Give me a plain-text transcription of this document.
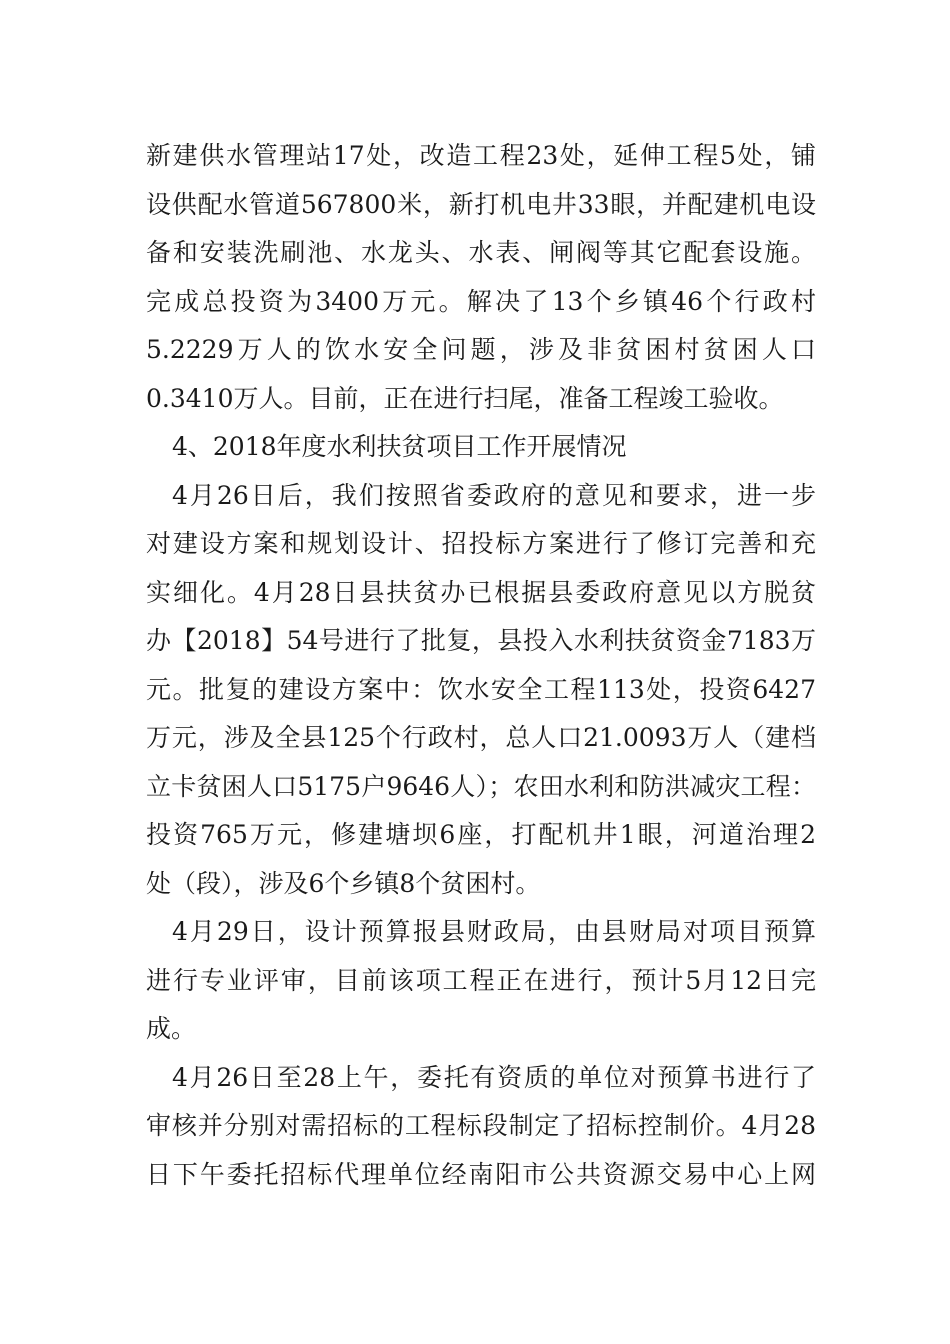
新建供水管理站17处，改造工程23处，延伸工程5处，铺
设供配水管道567800米，新打机电井33眼，并配建机电设
备和安装洗刷池、水龙头、水表、闸阀等其它配套设施。
完成总投资为3400万元。解决了13个乡镇46个行政村
5.2229万人的饮水安全问题，涉及非贫困村贫困人口
0.3410万人。目前，正在进行扫尾，准备工程竣工验收。
4、2018年度水利扶贫项目工作开展情况
4月26日后，我们按照省委政府的意见和要求，进一步
对建设方案和规划设计、招投标方案进行了修订完善和充
实细化。4月28日县扶贫办已根据县委政府意见以方脱贫
办【2018】54号进行了批复，县投入水利扶贫资金7183万
元。批复的建设方案中：饮水安全工程113处，投资6427
万元，涉及全县125个行政村，总人口21.0093万人（建档
立卡贫困人口5175户9646人）；农田水利和防洪减灾工程：
投资765万元，修建塘坝6座，打配机井1眼，河道治理2
处（段），涉及6个乡镇8个贫困村。
4月29日，设计预算报县财政局，由县财局对项目预算
进行专业评审，目前该项工程正在进行，预计5月12日完
成。
4月26日至28上午，委托有资质的单位对预算书进行了
审核并分别对需招标的工程标段制定了招标控制价。4月28
日下午委托招标代理单位经南阳市公共资源交易中心上网
